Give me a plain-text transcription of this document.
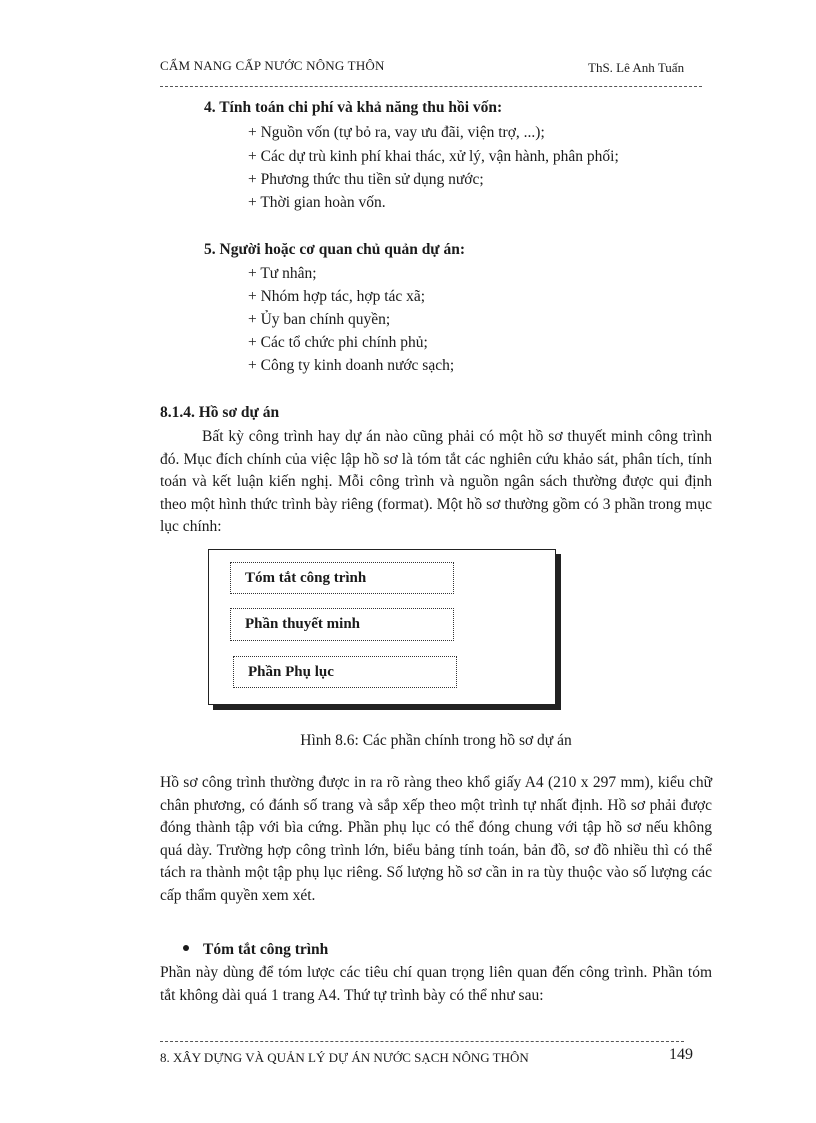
CẨM NANG CẤP NƯỚC NÔNG THÔN	ThS. Lê Anh Tuấn
4. Tính toán chi phí và khả năng thu hồi vốn:
+ Nguồn vốn (tự bỏ ra, vay ưu đãi, viện trợ, ...);
+ Các dự trù kinh phí khai thác, xử lý, vận hành, phân phối;
+ Phương thức thu tiền sử dụng nước;
+ Thời gian hoàn vốn.
5. Người hoặc cơ quan chủ quản dự án:
+ Tư nhân;
+ Nhóm hợp tác, hợp tác xã;
+ Ủy ban chính quyền;
+ Các tổ chức phi chính phủ;
+ Công ty kinh doanh nước sạch;
8.1.4. Hồ sơ dự án

Bất kỳ công trình hay dự án nào cũng phải có một hồ sơ thuyết minh công trình đó. Mục đích chính của việc lập hồ sơ là tóm tắt các nghiên cứu khảo sát, phân tích, tính toán và kết luận kiến nghị. Mỗi công trình và nguồn ngân sách thường được qui định theo một hình thức trình bày riêng (format). Một hồ sơ thường gồm có 3 phần trong mục lục chính:

Tóm tắt công trình
Phần thuyết minh
Phần Phụ lục
Hình 8.6: Các phần chính trong hồ sơ dự án

Hồ sơ công trình thường được in ra rõ ràng theo khổ giấy A4 (210 x 297 mm), kiểu chữ chân phương, có đánh số trang và sắp xếp theo một trình tự nhất định. Hồ sơ phải được đóng thành tập với bìa cứng. Phần phụ lục có thể đóng chung với tập hồ sơ nếu không quá dày. Trường hợp công trình lớn, biểu bảng tính toán, bản đồ, sơ đồ nhiều thì có thể tách ra thành một tập phụ lục riêng. Số lượng hồ sơ cần in ra tùy thuộc vào số lượng các cấp thẩm quyền xem xét.

Tóm tắt công trình

Phần này dùng để tóm lược các tiêu chí quan trọng liên quan đến công trình. Phần tóm tắt không dài quá 1 trang A4. Thứ tự trình bày có thể như sau:

8. XÂY DỰNG VÀ QUẢN LÝ DỰ ÁN NƯỚC SẠCH NÔNG THÔN	149
